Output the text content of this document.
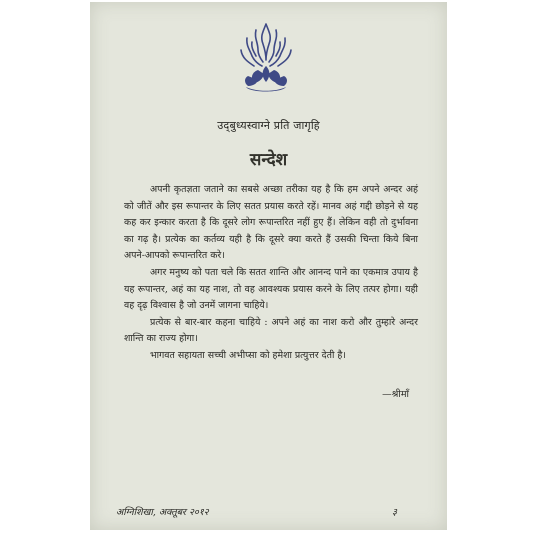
उद्‌बुध्यस्वाग्ने प्रति जागृहि
सन्देश

अपनी कृतज्ञता जताने का सबसे अच्छा तरीका यह है कि हम अपने अन्दर अहं को जीतें और इस रूपान्तर के लिए सतत प्रयास करते रहें। मानव अहं गद्दी छोड़ने से यह कह कर इन्कार करता है कि दूसरे लोग रूपान्तरित नहीं हुए हैं। लेकिन वही तो दुर्भावना का गढ़ है। प्रत्येक का कर्तव्य यही है कि दूसरे क्या करते हैं उसकी चिन्ता किये बिना अपने-आपको रूपान्तरित करे।

अगर मनुष्य को पता चले कि सतत शान्ति और आनन्द पाने का एकमात्र उपाय है यह रूपान्तर, अहं का यह नाश, तो वह आवश्यक प्रयास करने के लिए तत्पर होगा। यही वह दृढ़ विश्वास है जो उनमें जागना चाहिये।

प्रत्येक से बार-बार कहना चाहिये : अपने अहं का नाश करो और तुम्हारे अन्दर शान्ति का राज्य होगा।

भागवत सहायता सच्ची अभीप्सा को हमेशा प्रत्युत्तर देती है।

—श्रीमाँ
अग्निशिखा, अक्तूबर २०१२	३
